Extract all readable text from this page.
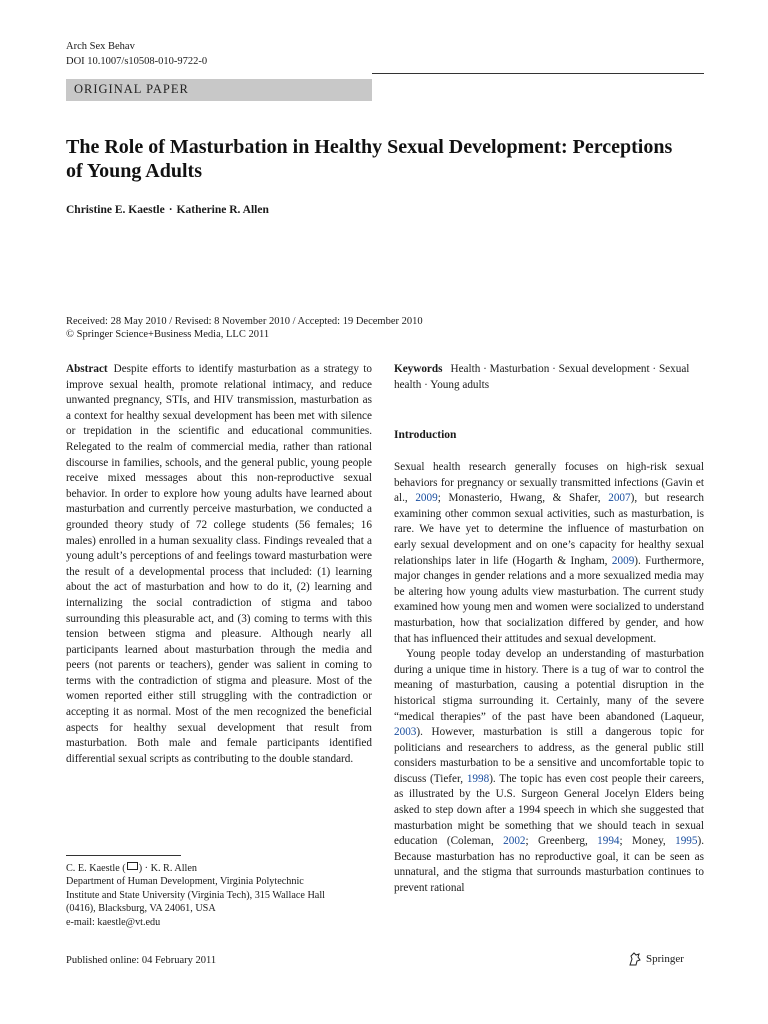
Arch Sex Behav
DOI 10.1007/s10508-010-9722-0
ORIGINAL PAPER
The Role of Masturbation in Healthy Sexual Development: Perceptions of Young Adults
Christine E. Kaestle · Katherine R. Allen
Received: 28 May 2010 / Revised: 8 November 2010 / Accepted: 19 December 2010
© Springer Science+Business Media, LLC 2011
Abstract Despite efforts to identify masturbation as a strategy to improve sexual health, promote relational intimacy, and reduce unwanted pregnancy, STIs, and HIV transmission, masturbation as a context for healthy sexual development has been met with silence or trepidation in the scientific and educational communities. Relegated to the realm of commercial media, rather than rational discourse in families, schools, and the general public, young people receive mixed messages about this non-reproductive sexual behavior. In order to explore how young adults have learned about masturbation and currently perceive masturbation, we conducted a grounded theory study of 72 college students (56 females; 16 males) enrolled in a human sexuality class. Findings revealed that a young adult’s perceptions of and feelings toward masturbation were the result of a developmental process that included: (1) learning about the act of masturbation and how to do it, (2) learning and internalizing the social contradiction of stigma and taboo surrounding this pleasurable act, and (3) coming to terms with this tension between stigma and pleasure. Although nearly all participants learned about masturbation through the media and peers (not parents or teachers), gender was salient in coming to terms with the contradiction of stigma and pleasure. Most of the women reported either still struggling with the contradiction or accepting it as normal. Most of the men recognized the beneficial aspects for healthy sexual development that result from masturbation. Both male and female participants identified differential sexual scripts as contributing to the double standard.
C. E. Kaestle ( ) · K. R. Allen
Department of Human Development, Virginia Polytechnic
Institute and State University (Virginia Tech), 315 Wallace Hall
(0416), Blacksburg, VA 24061, USA
e-mail: kaestle@vt.edu
Keywords Health · Masturbation · Sexual development · Sexual health · Young adults
Introduction

Sexual health research generally focuses on high-risk sexual behaviors for pregnancy or sexually transmitted infections (Gavin et al., 2009; Monasterio, Hwang, & Shafer, 2007), but research examining other common sexual activities, such as masturbation, is rare. We have yet to determine the influence of masturbation on early sexual development and on one’s capacity for healthy sexual relationships later in life (Hogarth & Ingham, 2009). Furthermore, major changes in gender relations and a more sexualized media may be altering how young adults view masturbation. The current study examined how young men and women were socialized to understand masturbation, how that socialization differed by gender, and how that has influenced their attitudes and sexual development.

Young people today develop an understanding of masturbation during a unique time in history. There is a tug of war to control the meaning of masturbation, causing a potential disruption in the historical stigma surrounding it. Certainly, many of the severe “medical therapies” of the past have been abandoned (Laqueur, 2003). However, masturbation is still a dangerous topic for politicians and researchers to address, as the general public still considers masturbation to be a sensitive and uncomfortable topic to discuss (Tiefer, 1998). The topic has even cost people their careers, as illustrated by the U.S. Surgeon General Jocelyn Elders being asked to step down after a 1994 speech in which she suggested that masturbation might be something that we should teach in sexual education (Coleman, 2002; Greenberg, 1994; Money, 1995). Because masturbation has no reproductive goal, it can be seen as unnatural, and the stigma that surrounds masturbation continues to prevent rational

Published online: 04 February 2011	Springer
